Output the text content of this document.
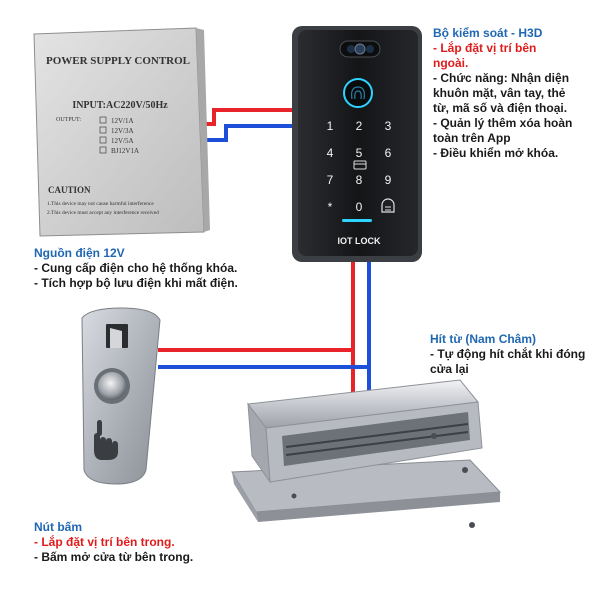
POWER SUPPLY CONTROL
INPUT:AC220V/50Hz
OUTPUT:	12V/1A
12V/3A
12V/5A
BJ12V1A
CAUTION
1.This device may not cause harmful interference
2.This device must accept any interference received
1 2 3
4 5 6
7 8 9
* 0
IOT LOCK
Bộ kiểm soát - H3D
- Lắp đặt vị trí bên
ngoài.
- Chức năng: Nhận diện
khuôn mặt, vân tay, thẻ
từ, mã số và điện thoại.
- Quản lý thêm xóa hoàn
toàn trên App
- Điều khiển mở khóa.
Nguồn điện 12V
- Cung cấp điện cho hệ thống khóa.
- Tích hợp bộ lưu điện khi mất điện.
Hít từ (Nam Châm)
- Tự động hít chắt khi đóng
cửa lại
Nút bấm
- Lắp đặt vị trí bên trong.
- Bấm mở cửa từ bên trong.
